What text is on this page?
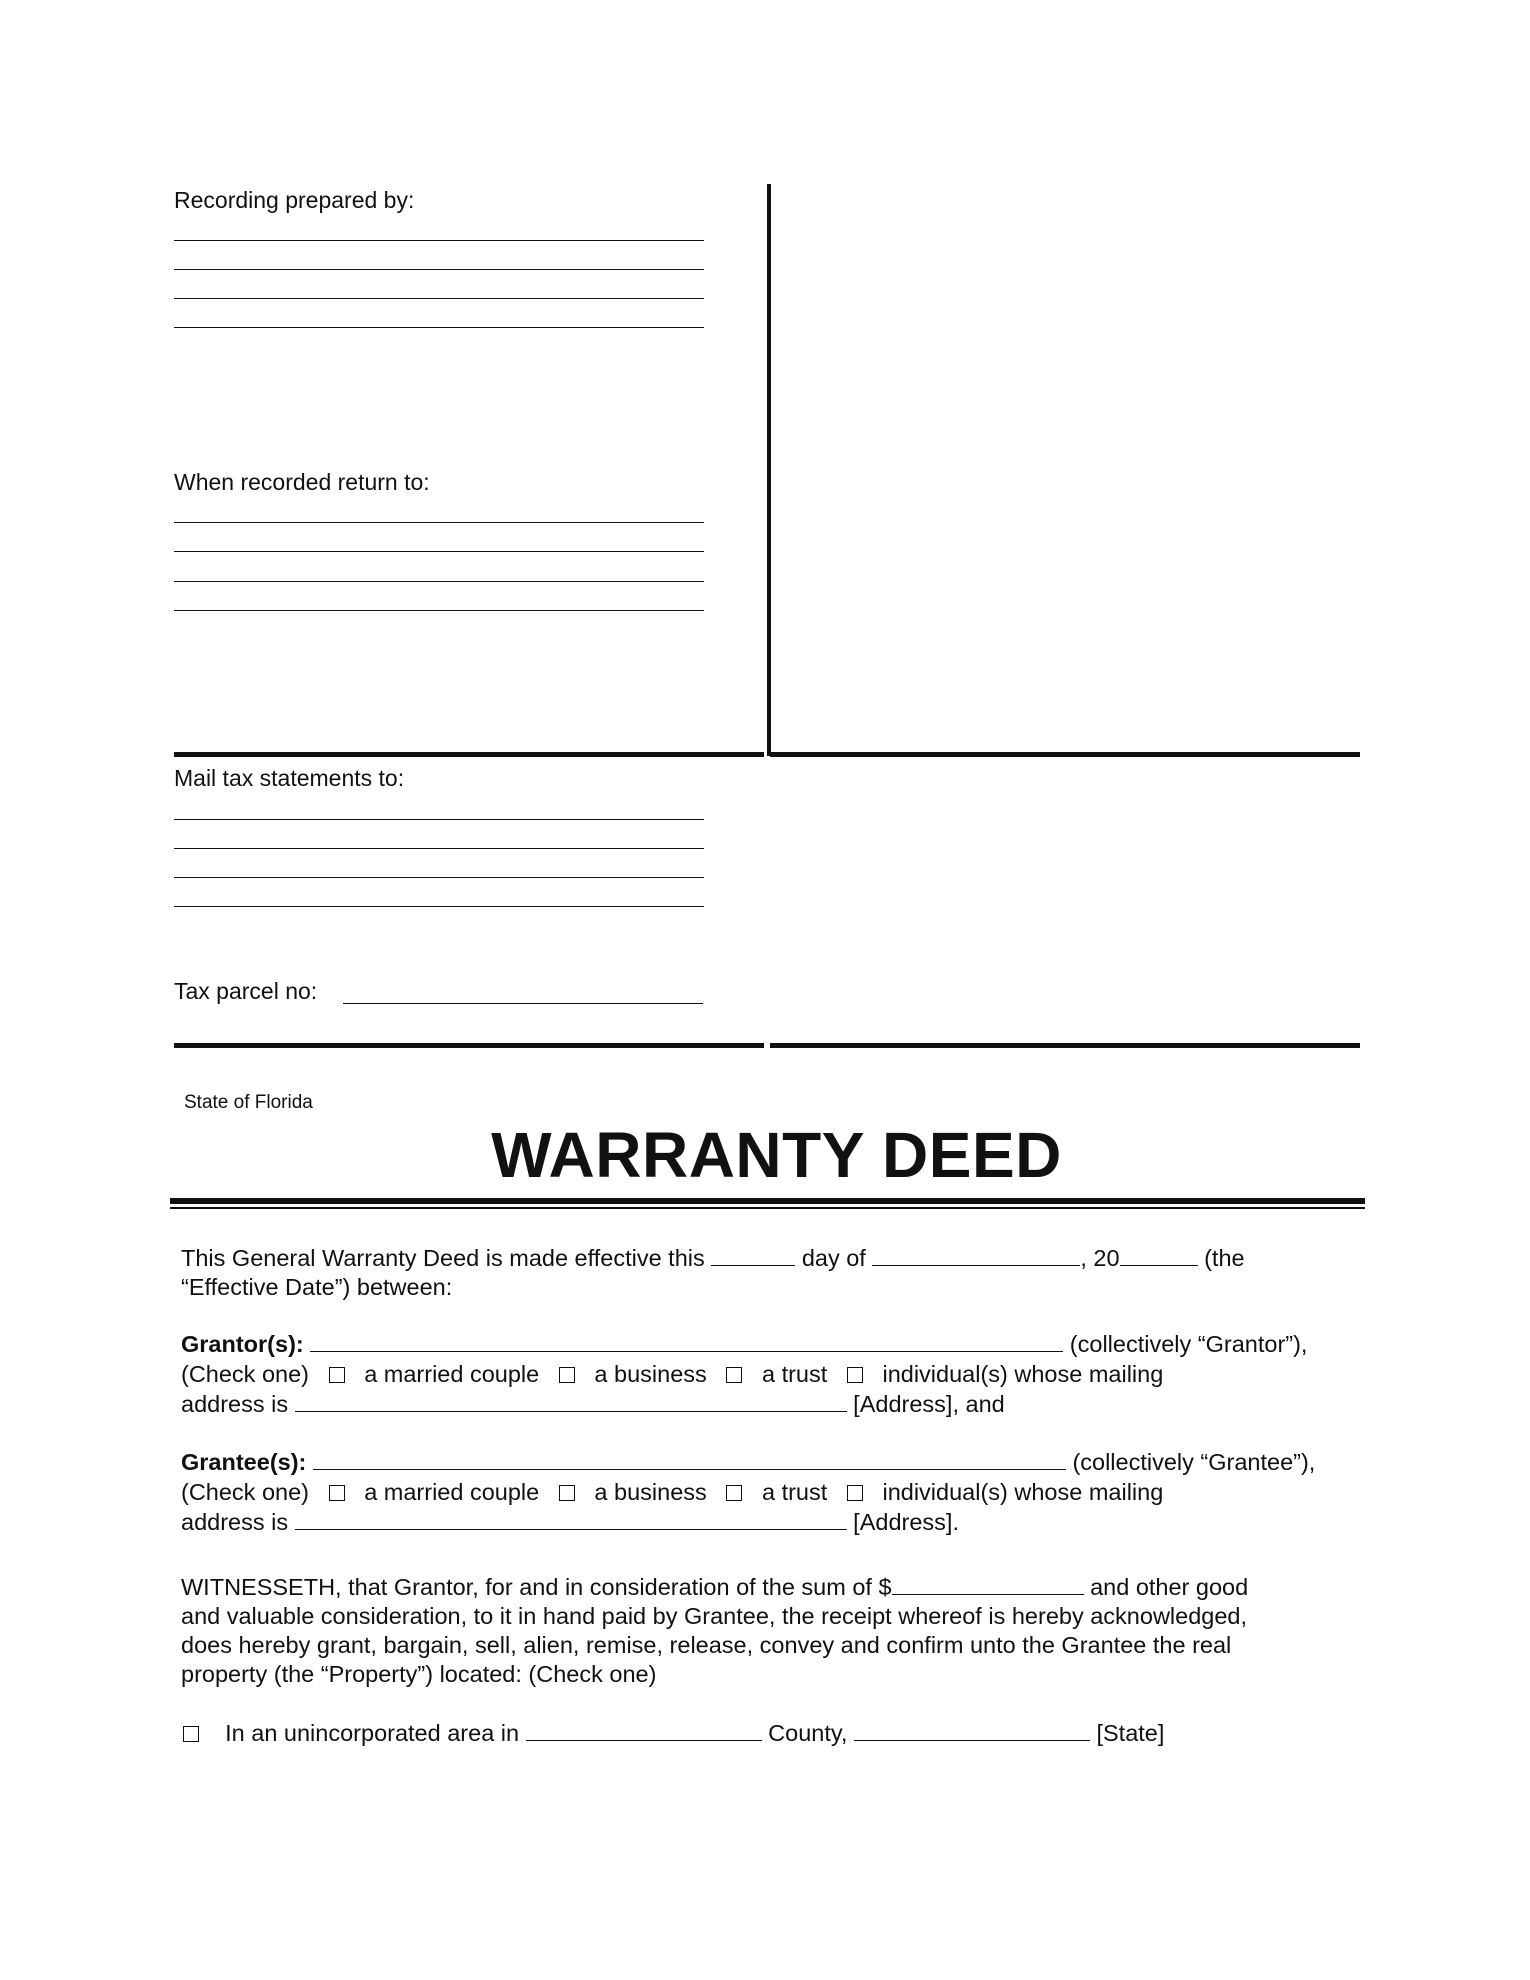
Recording prepared by:
When recorded return to:
Mail tax statements to:
Tax parcel no:
State of Florida
WARRANTY DEED
This General Warranty Deed is made effective this	day of	, 20	(the
“Effective Date”) between:
Grantor(s):	(collectively “Grantor”),
(Check one) a married couple a business a trust individual(s) whose mailing
address is	[Address], and
Grantee(s):	(collectively “Grantee”),
(Check one) a married couple a business a trust individual(s) whose mailing
address is	[Address].
WITNESSETH, that Grantor, for and in consideration of the sum of $	and other good
and valuable consideration, to it in hand paid by Grantee, the receipt whereof is hereby acknowledged,
does hereby grant, bargain, sell, alien, remise, release, convey and confirm unto the Grantee the real
property (the “Property”) located: (Check one)
In an unincorporated area in	County,	[State]
